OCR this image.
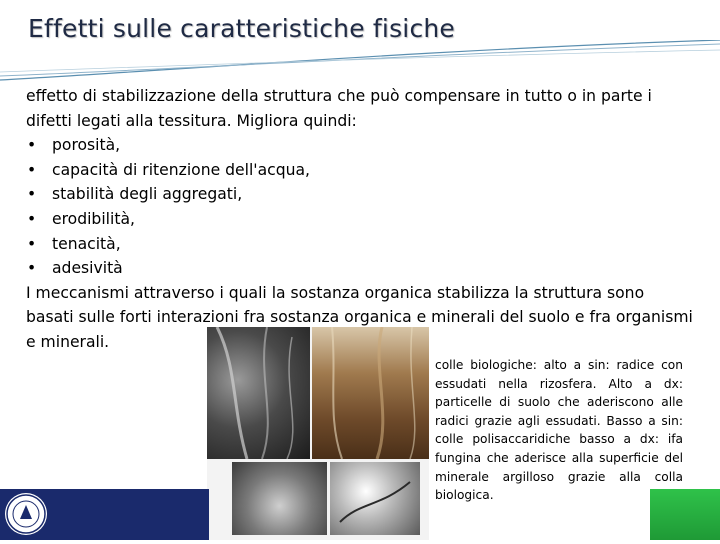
Effetti sulle caratteristiche fisiche

effetto di stabilizzazione della struttura che può compensare in tutto o in parte i difetti legati alla tessitura. Migliora quindi:

• porosità,
• capacità di ritenzione dell'acqua,
• stabilità degli aggregati,
• erodibilità,
• tenacità,
• adesività

I meccanismi attraverso i quali la sostanza organica stabilizza la struttura sono basati sulle forti interazioni fra sostanza organica e minerali del suolo e fra organismi e minerali.

colle biologiche: alto a sin: radice con essudati nella rizosfera. Alto a dx: particelle di suolo che aderiscono alle radici grazie agli essudati. Basso a sin: colle polisaccaridiche basso a dx: ifa fungina che aderisce alla superficie del minerale argilloso grazie alla colla biologica.
